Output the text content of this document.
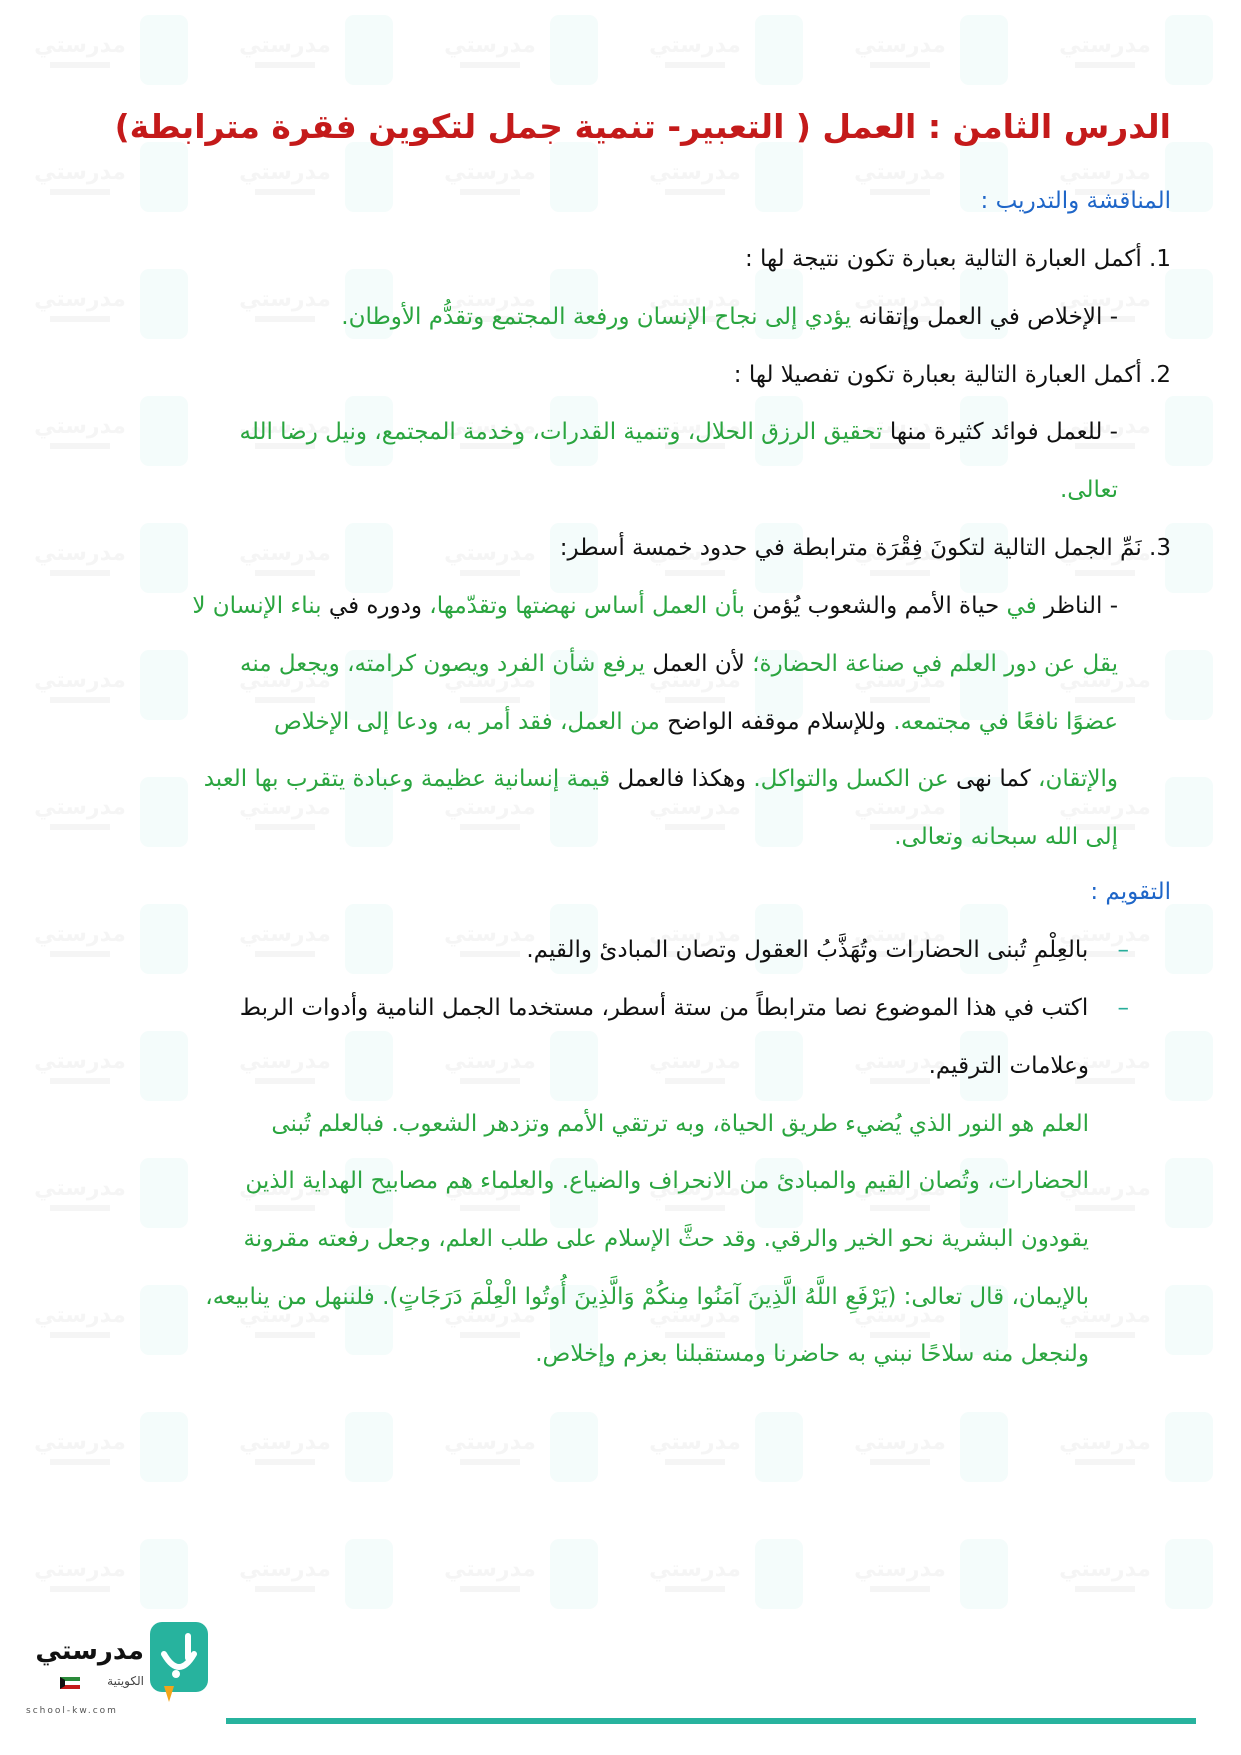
الدرس الثامن : العمل ( التعبير- تنمية جمل لتكوين فقرة مترابطة)
المناقشة والتدريب :
1. أكمل العبارة التالية بعبارة تكون نتيجة لها :
- الإخلاص في العمل وإتقانه يؤدي إلى نجاح الإنسان ورفعة المجتمع وتقدُّم الأوطان.
2. أكمل العبارة التالية بعبارة تكون تفصيلا لها :
- للعمل فوائد كثيرة منها تحقيق الرزق الحلال، وتنمية القدرات، وخدمة المجتمع، ونيل رضا الله
تعالى.
3. نَمِّ الجمل التالية لتكونَ فِقْرَة مترابطة في حدود خمسة أسطر:
- الناظر في حياة الأمم والشعوب يُؤمن بأن العمل أساس نهضتها وتقدّمها، ودوره في بناء الإنسان لا
يقل عن دور العلم في صناعة الحضارة؛ لأن العمل يرفع شأن الفرد ويصون كرامته، ويجعل منه
عضوًا نافعًا في مجتمعه. وللإسلام موقفه الواضح من العمل، فقد أمر به، ودعا إلى الإخلاص
والإتقان، كما نهى عن الكسل والتواكل. وهكذا فالعمل قيمة إنسانية عظيمة وعبادة يتقرب بها العبد
إلى الله سبحانه وتعالى.
التقويم :
–    بالعِلْمِ تُبنى الحضارات وتُهَذَّبُ العقول وتصان المبادئ والقيم.
–    اكتب في هذا الموضوع نصا مترابطاً من ستة أسطر، مستخدما الجمل النامية وأدوات الربط
وعلامات الترقيم.
العلم هو النور الذي يُضيء طريق الحياة، وبه ترتقي الأمم وتزدهر الشعوب. فبالعلم تُبنى
الحضارات، وتُصان القيم والمبادئ من الانحراف والضياع. والعلماء هم مصابيح الهداية الذين
يقودون البشرية نحو الخير والرقي. وقد حثَّ الإسلام على طلب العلم، وجعل رفعته مقرونة
بالإيمان، قال تعالى: (يَرْفَعِ اللَّهُ الَّذِينَ آمَنُوا مِنكُمْ وَالَّذِينَ أُوتُوا الْعِلْمَ دَرَجَاتٍ). فلننهل من ينابيعه،
ولنجعل منه سلاحًا نبني به حاضرنا ومستقبلنا بعزم وإخلاص.
مدرستي
الكويتية
school-kw.com
